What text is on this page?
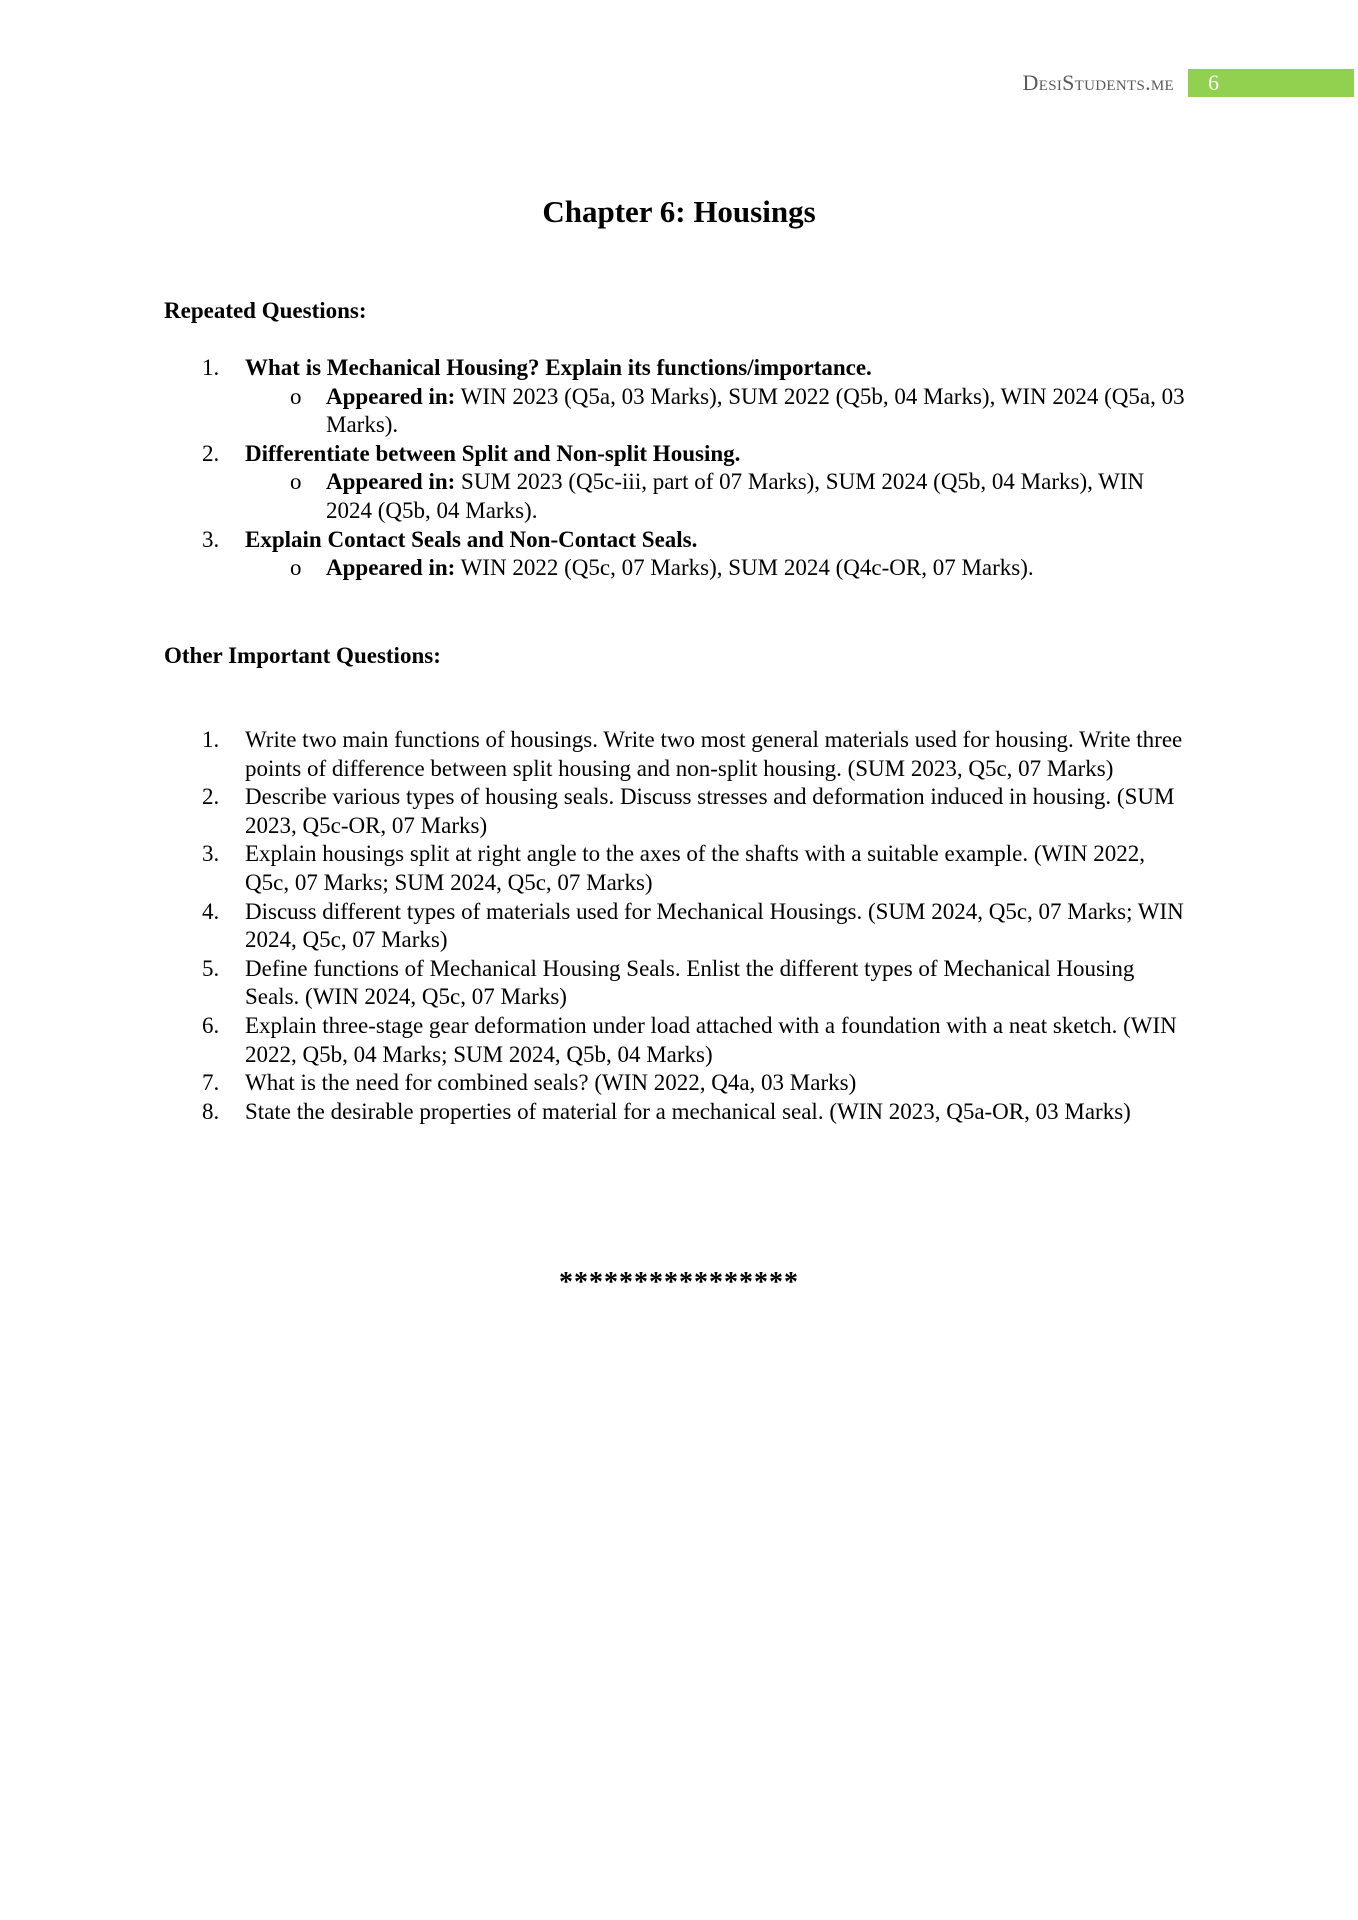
DesiStudents.me	6
Chapter 6: Housings
Repeated Questions:
1. What is Mechanical Housing? Explain its functions/importance.
o Appeared in: WIN 2023 (Q5a, 03 Marks), SUM 2022 (Q5b, 04 Marks), WIN 2024 (Q5a, 03 Marks).
2. Differentiate between Split and Non-split Housing.
o Appeared in: SUM 2023 (Q5c-iii, part of 07 Marks), SUM 2024 (Q5b, 04 Marks), WIN 2024 (Q5b, 04 Marks).
3. Explain Contact Seals and Non-Contact Seals.
o Appeared in: WIN 2022 (Q5c, 07 Marks), SUM 2024 (Q4c-OR, 07 Marks).
Other Important Questions:
1. Write two main functions of housings. Write two most general materials used for housing. Write three points of difference between split housing and non-split housing. (SUM 2023, Q5c, 07 Marks)
2. Describe various types of housing seals. Discuss stresses and deformation induced in housing. (SUM 2023, Q5c-OR, 07 Marks)
3. Explain housings split at right angle to the axes of the shafts with a suitable example. (WIN 2022, Q5c, 07 Marks; SUM 2024, Q5c, 07 Marks)
4. Discuss different types of materials used for Mechanical Housings. (SUM 2024, Q5c, 07 Marks; WIN 2024, Q5c, 07 Marks)
5. Define functions of Mechanical Housing Seals. Enlist the different types of Mechanical Housing Seals. (WIN 2024, Q5c, 07 Marks)
6. Explain three-stage gear deformation under load attached with a foundation with a neat sketch. (WIN 2022, Q5b, 04 Marks; SUM 2024, Q5b, 04 Marks)
7. What is the need for combined seals? (WIN 2022, Q4a, 03 Marks)
8. State the desirable properties of material for a mechanical seal. (WIN 2023, Q5a-OR, 03 Marks)
****************
